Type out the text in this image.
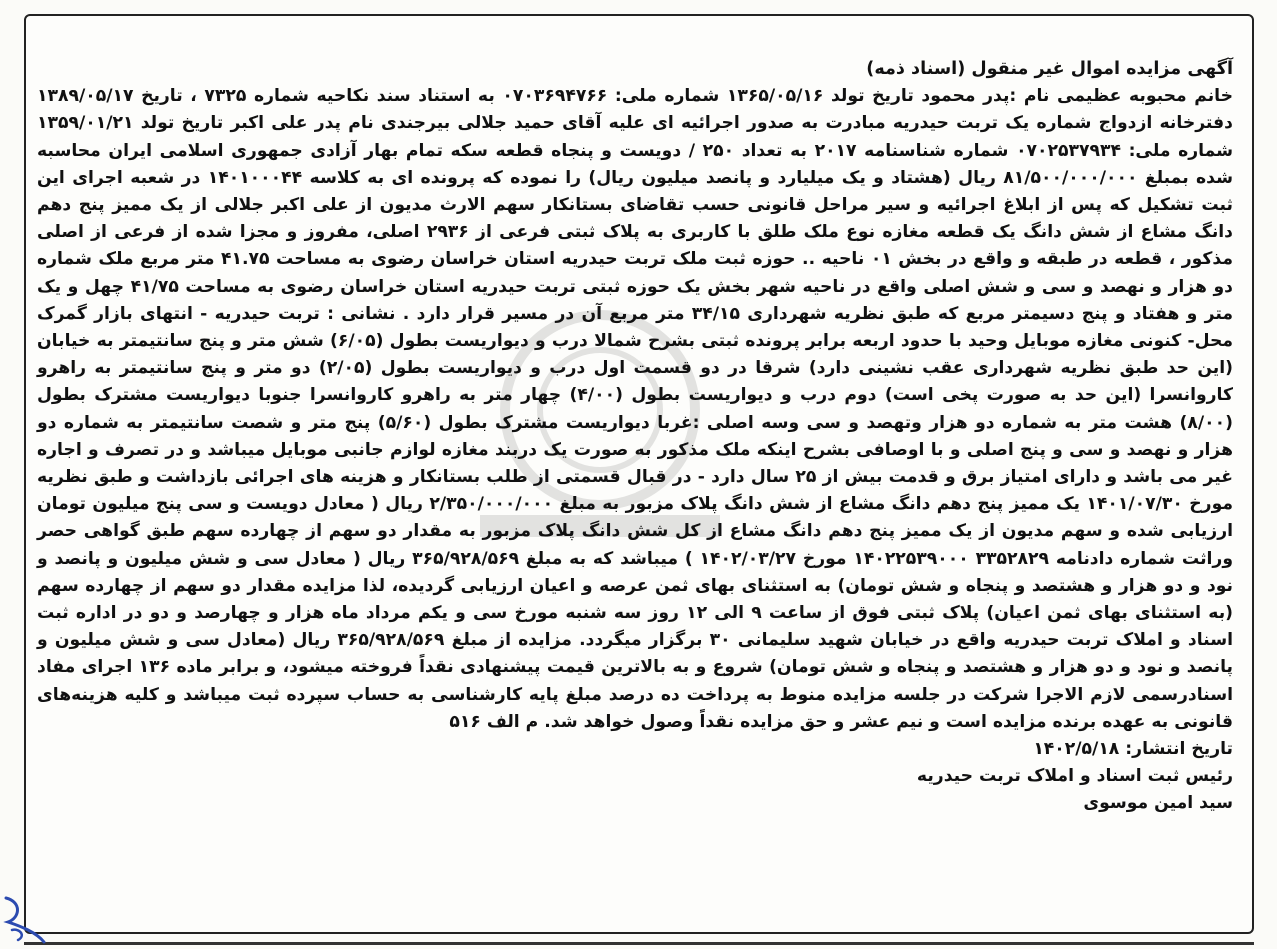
آگهی مزایده اموال غیر منقول (اسناد ذمه)

خانم محبوبه عظیمی نام :پدر محمود تاریخ تولد ۱۳۶۵/۰۵/۱۶ شماره ملی: ۰۷۰۳۶۹۴۷۶۶ به استناد سند نکاحیه شماره ۷۳۲۵ ، تاریخ ۱۳۸۹/۰۵/۱۷ دفترخانه ازدواج شماره یک تربت حیدریه مبادرت به صدور اجرائیه ای علیه آقای حمید جلالی بیرجندی نام پدر علی اکبر تاریخ تولد ۱۳۵۹/۰۱/۲۱ شماره ملی: ۰۷۰۲۵۳۷۹۳۴ شماره شناسنامه ۲۰۱۷ به تعداد ۲۵۰ / دویست و پنجاه قطعه سکه تمام بهار آزادی جمهوری اسلامی ایران محاسبه شده بمبلغ ۸۱/۵۰۰/۰۰۰/۰۰۰ ریال (هشتاد و یک میلیارد و پانصد میلیون ریال) را نموده که پرونده ای به کلاسه ۱۴۰۱۰۰۰۴۴ در شعبه اجرای این ثبت تشکیل که پس از ابلاغ اجرائیه و سیر مراحل قانونی حسب تقاضای بستانکار سهم الارث مدیون از علی اکبر جلالی از یک ممیز پنج دهم دانگ مشاع از شش دانگ یک قطعه مغازه نوع ملک طلق با کاربری به پلاک ثبتی فرعی از ۲۹۳۶ اصلی، مفروز و مجزا شده از فرعی از اصلی مذکور ، قطعه در طبقه و واقع در بخش ۰۱ ناحیه .. حوزه ثبت ملک تربت حیدریه استان خراسان رضوی به مساحت ۴۱.۷۵ متر مربع ملک شماره دو هزار و نهصد و سی و شش اصلی واقع در ناحیه شهر بخش یک حوزه ثبتی تربت حیدریه استان خراسان رضوی به مساحت ۴۱/۷۵ چهل و یک متر و هفتاد و پنج دسیمتر مربع که طبق نظریه شهرداری ۳۴/۱۵ متر مربع آن در مسیر قرار دارد . نشانی : تربت حیدریه - انتهای بازار گمرک محل- کنونی مغازه موبایل وحید با حدود اربعه برابر پرونده ثبتی بشرح شمالا درب و دیواریست بطول (۶/۰۵) شش متر و پنج سانتیمتر به خیابان (این حد طبق نظریه شهرداری عقب نشینی دارد) شرقا در دو قسمت اول درب و دیواریست بطول (۲/۰۵) دو متر و پنج سانتیمتر به راهرو کاروانسرا (این حد به صورت پخی است) دوم درب و دیواریست بطول (۴/۰۰) چهار متر به راهرو کاروانسرا جنوبا دیواریست مشترک بطول (۸/۰۰) هشت متر به شماره دو هزار وتهصد و سی وسه اصلی :غربا دیواریست مشترک بطول (۵/۶۰) پنج متر و شصت سانتیمتر به شماره دو هزار و نهصد و سی و پنج اصلی و با اوصافی بشرح اینکه ملک مذکور به صورت یک دربند مغازه لوازم جانبی موبایل میباشد و در تصرف و اجاره غیر می باشد و دارای امتیاز برق و قدمت بیش از ۲۵ سال دارد - در قبال قسمتی از طلب بستانکار و هزینه های اجرائی بازداشت و طبق نظریه مورخ ۱۴۰۱/۰۷/۳۰ یک ممیز پنج دهم دانگ مشاع از شش دانگ پلاک مزبور به مبلغ ۲/۳۵۰/۰۰۰/۰۰۰ ریال ( معادل دویست و سی پنج میلیون تومان ارزیابی شده و سهم مدیون از یک ممیز پنج دهم دانگ مشاع از کل شش دانگ پلاک مزبور به مقدار دو سهم از چهارده سهم طبق گواهی حصر وراثت شماره دادنامه ۳۳۵۲۸۲۹ ۱۴۰۲۲۵۳۹۰۰۰ مورخ ۱۴۰۲/۰۳/۲۷ ) میباشد که به مبلغ ۳۶۵/۹۲۸/۵۶۹ ریال ( معادل سی و شش میلیون و پانصد و نود و دو هزار و هشتصد و پنجاه و شش تومان) به استثنای بهای ثمن عرصه و اعیان ارزیابی گردیده، لذا مزایده مقدار دو سهم از چهارده سهم (به استثنای بهای ثمن اعیان) پلاک ثبتی فوق از ساعت ۹ الی ۱۲ روز سه شنبه مورخ سی و یکم مرداد ماه هزار و چهارصد و دو در اداره ثبت اسناد و املاک تربت حیدریه واقع در خیابان شهید سلیمانی ۳۰ برگزار میگردد. مزایده از مبلغ ۳۶۵/۹۲۸/۵۶۹ ریال (معادل سی و شش میلیون و پانصد و نود و دو هزار و هشتصد و پنجاه و شش تومان) شروع و به بالاترین قیمت پیشنهادی نقداً فروخته میشود، و برابر ماده ۱۳۶ اجرای مفاد اسنادرسمی لازم الاجرا شرکت در جلسه مزایده منوط به پرداخت ده درصد مبلغ پایه کارشناسی به حساب سپرده ثبت میباشد و کلیه هزینه‌های قانونی به عهده برنده مزایده است و نیم عشر و حق مزایده نقداً وصول خواهد شد. م الف ۵۱۶

تاریخ انتشار: ۱۴۰۲/۵/۱۸

رئیس ثبت اسناد و املاک تربت حیدریه

سید امین موسوی
